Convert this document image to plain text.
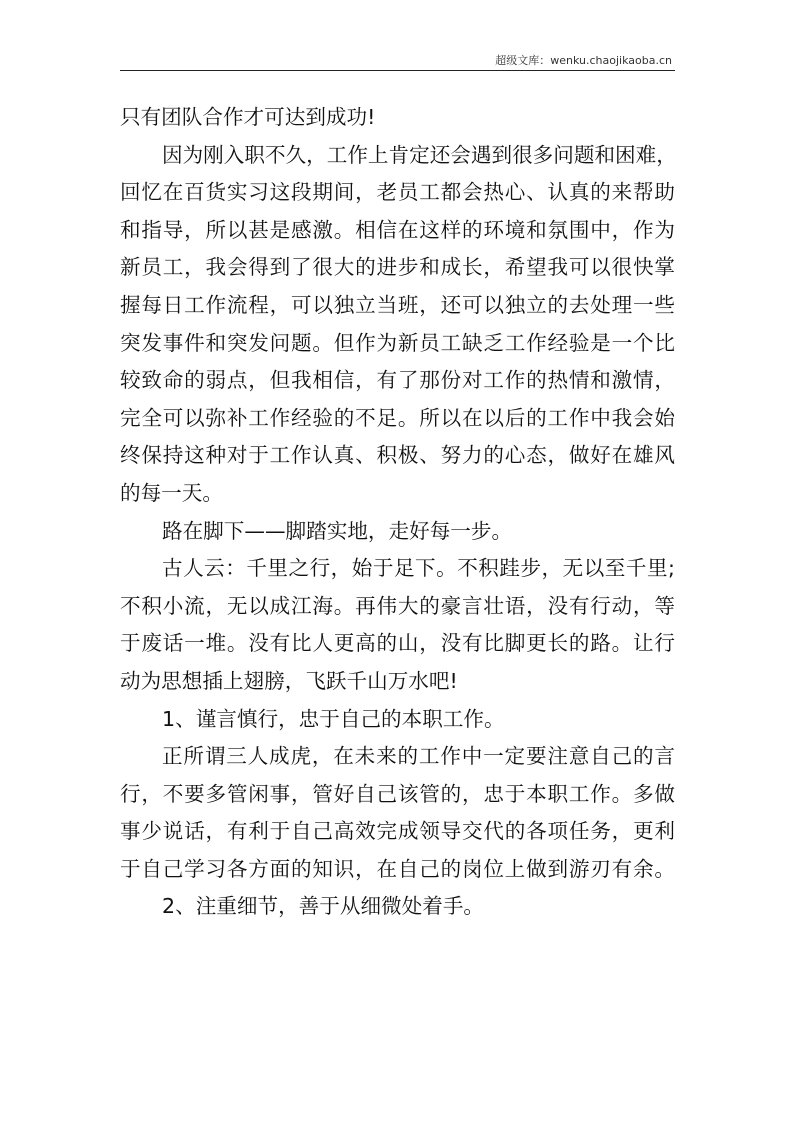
超级文库：wenku.chaojikaoba.cn
只有团队合作才可达到成功!
因为刚入职不久，工作上肯定还会遇到很多问题和困难，
回忆在百货实习这段期间，老员工都会热心、认真的来帮助
和指导，所以甚是感激。相信在这样的环境和氛围中，作为
新员工，我会得到了很大的进步和成长，希望我可以很快掌
握每日工作流程，可以独立当班，还可以独立的去处理一些
突发事件和突发问题。但作为新员工缺乏工作经验是一个比
较致命的弱点，但我相信，有了那份对工作的热情和激情，
完全可以弥补工作经验的不足。所以在以后的工作中我会始
终保持这种对于工作认真、积极、努力的心态，做好在雄风
的每一天。
路在脚下——脚踏实地，走好每一步。
古人云：千里之行，始于足下。不积跬步，无以至千里;
不积小流，无以成江海。再伟大的豪言壮语，没有行动，等
于废话一堆。没有比人更高的山，没有比脚更长的路。让行
动为思想插上翅膀，飞跃千山万水吧!
1、谨言慎行，忠于自己的本职工作。
正所谓三人成虎，在未来的工作中一定要注意自己的言
行，不要多管闲事，管好自己该管的，忠于本职工作。多做
事少说话，有利于自己高效完成领导交代的各项任务，更利
于自己学习各方面的知识，在自己的岗位上做到游刃有余。
2、注重细节，善于从细微处着手。
